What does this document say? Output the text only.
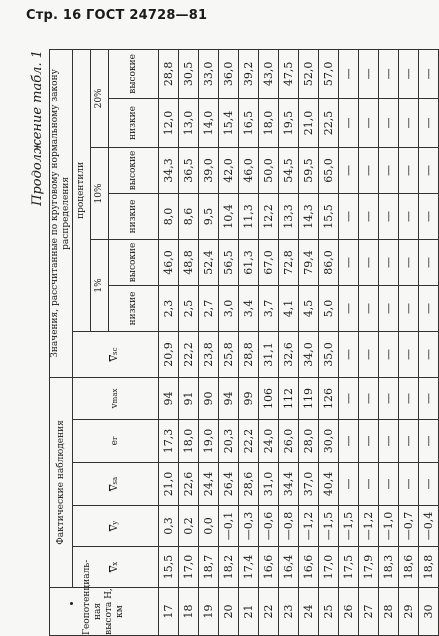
Стр. 16 ГОСТ 24728—81
Продолжение табл. 1
Геопотенциаль-ная высота H, км	Фактические наблюдения					Значения, рассчитанные по круговому нормальному закону распределения						
	$\overline{V}x$	$\overline{V}y$	$\overline{V}sa$	er	vmax	$\overline{V}sc$	процентили					
							1%		10%		20%	
							низкие	высокие	низкие	высокие	низкие	высокие
17	15,5	0,3	21,0	17,3	94	20,9	2,3	46,0	8,0	34,3	12,0	28,8
18	17,0	0,2	22,6	18,0	91	22,2	2,5	48,8	8,6	36,5	13,0	30,5
19	18,7	0,0	24,4	19,0	90	23,8	2,7	52,4	9,5	39,0	14,0	33,0
20	18,2	—0,1	26,4	20,3	94	25,8	3,0	56,5	10,4	42,0	15,4	36,0
21	17,4	—0,3	28,6	22,2	99	28,8	3,4	61,3	11,3	46,0	16,5	39,2
22	16,6	—0,6	31,0	24,0	106	31,1	3,7	67,0	12,2	50,0	18,0	43,0
23	16,4	—0,8	34,4	26,0	112	32,6	4,1	72,8	13,3	54,5	19,5	47,5
24	16,6	—1,2	37,0	28,0	119	34,0	4,5	79,4	14,3	59,5	21,0	52,0
25	17,0	—1,5	40,4	30,0	126	35,0	5,0	86,0	15,5	65,0	22,5	57,0
26	17,5	—1,5	—	—	—	—	—	—	—	—	—	—
27	17,9	—1,2	—	—	—	—	—	—	—	—	—	—
28	18,3	—1,0	—	—	—	—	—	—	—	—	—	—
29	18,6	—0,7	—	—	—	—	—	—	—	—	—	—
30	18,8	—0,4	—	—	—	—	—	—	—	—	—	—
